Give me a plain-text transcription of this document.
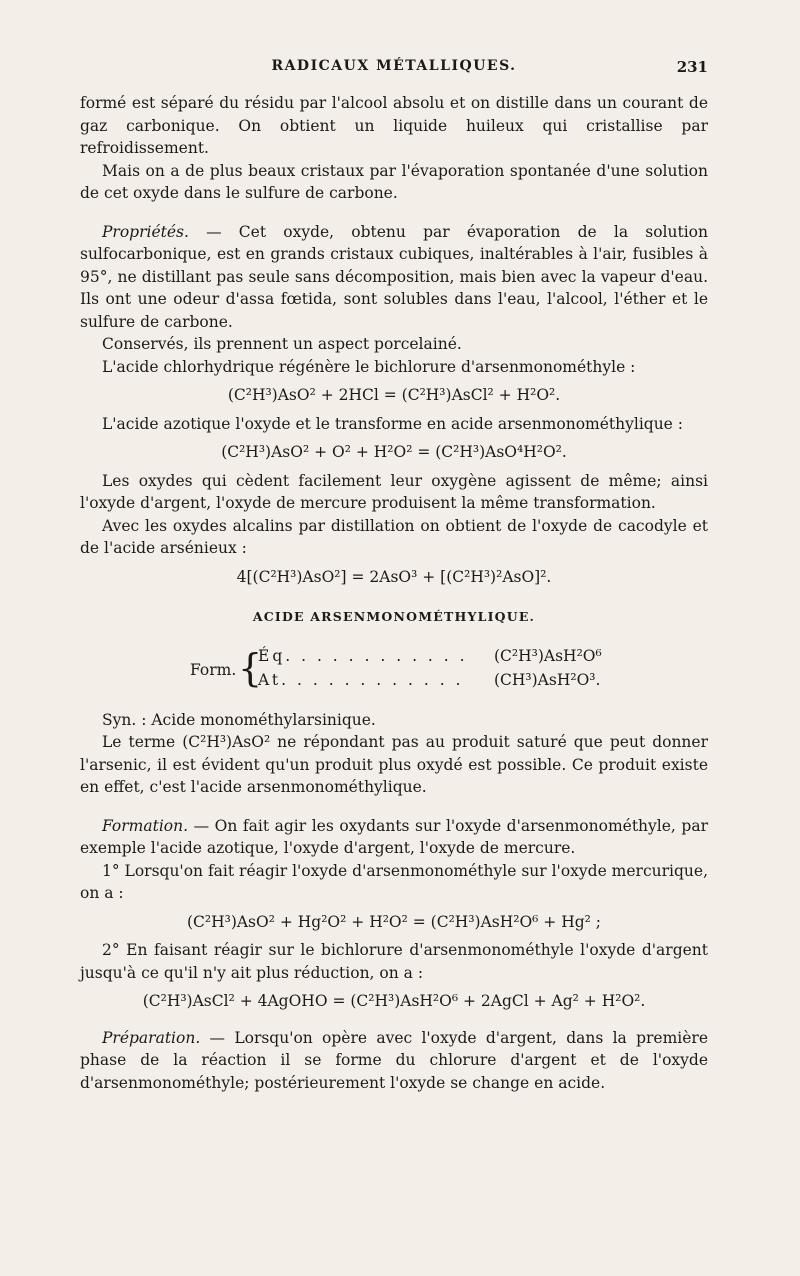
RADICAUX MÉTALLIQUES.	231

formé est séparé du résidu par l'alcool absolu et on distille dans un courant de gaz carbonique. On obtient un liquide huileux qui cristallise par refroidissement.

Mais on a de plus beaux cristaux par l'évaporation spontanée d'une solution de cet oxyde dans le sulfure de carbone.

Propriétés. — Cet oxyde, obtenu par évaporation de la solution sulfocarbonique, est en grands cristaux cubiques, inaltérables à l'air, fusibles à 95°, ne distillant pas seule sans décomposition, mais bien avec la vapeur d'eau. Ils ont une odeur d'assa fœtida, sont solubles dans l'eau, l'alcool, l'éther et le sulfure de carbone.

Conservés, ils prennent un aspect porcelainé.

L'acide chlorhydrique régénère le bichlorure d'arsenmonométhyle :

(C²H³)AsO² + 2HCl = (C²H³)AsCl² + H²O².

L'acide azotique l'oxyde et le transforme en acide arsenmonométhylique :

(C²H³)AsO² + O² + H²O² = (C²H³)AsO⁴H²O².

Les oxydes qui cèdent facilement leur oxygène agissent de même; ainsi l'oxyde d'argent, l'oxyde de mercure produisent la même transformation.

Avec les oxydes alcalins par distillation on obtient de l'oxyde de cacodyle et de l'acide arsénieux :

4[(C²H³)AsO²] = 2AsO³ + [(C²H³)²AsO]².
ACIDE ARSENMONOMÉTHYLIQUE.
Form. {
Éq. . . . . . . . . . . . (C²H³)AsH²O⁶
At. . . . . . . . . . . . (CH³)AsH²O³.

Syn. : Acide monométhylarsinique.

Le terme (C²H³)AsO² ne répondant pas au produit saturé que peut donner l'arsenic, il est évident qu'un produit plus oxydé est possible. Ce produit existe en effet, c'est l'acide arsenmonométhylique.

Formation. — On fait agir les oxydants sur l'oxyde d'arsenmonométhyle, par exemple l'acide azotique, l'oxyde d'argent, l'oxyde de mercure.

1° Lorsqu'on fait réagir l'oxyde d'arsenmonométhyle sur l'oxyde mercurique, on a :

(C²H³)AsO² + Hg²O² + H²O² = (C²H³)AsH²O⁶ + Hg² ;

2° En faisant réagir sur le bichlorure d'arsenmonométhyle l'oxyde d'argent jusqu'à ce qu'il n'y ait plus réduction, on a :

(C²H³)AsCl² + 4AgOHO = (C²H³)AsH²O⁶ + 2AgCl + Ag² + H²O².

Préparation. — Lorsqu'on opère avec l'oxyde d'argent, dans la première phase de la réaction il se forme du chlorure d'argent et de l'oxyde d'arsenmonométhyle; postérieurement l'oxyde se change en acide.
